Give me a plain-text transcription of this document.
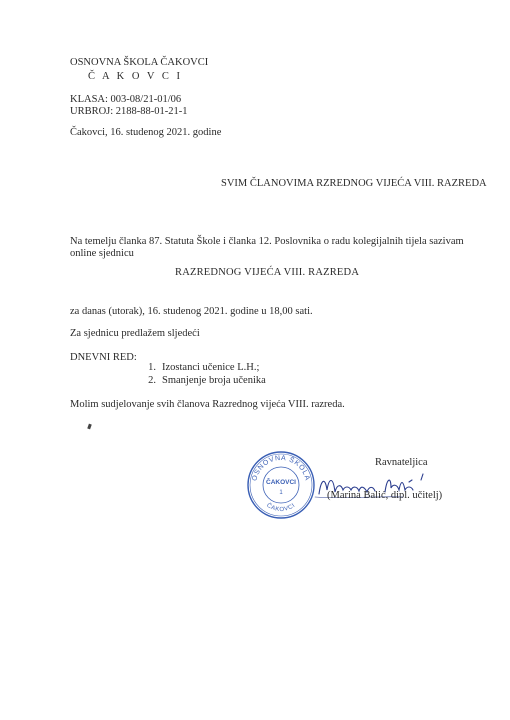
OSNOVNA ŠKOLA ČAKOVCI
Č A K O V C I
KLASA: 003-08/21-01/06
URBROJ: 2188-88-01-21-1

Čakovci, 16. studenog 2021. godine

SVIM ČLANOVIMA RZREDNOG VIJEĆA VIII. RAZREDA

Na temelju članka 87. Statuta Škole i članka 12. Poslovnika o radu kolegijalnih tijela sazivam online sjednicu

RAZREDNOG VIJEĆA VIII. RAZREDA

za danas (utorak), 16. studenog 2021. godine u 18,00 sati.

Za sjednicu predlažem sljedeći

DNEVNI RED:

1. Izostanci učenice L.H.;
2. Smanjenje broja učenika

Molim sudjelovanje svih članova Razrednog vijeća VIII. razreda.

Ravnateljica

OSNOVNA ŠKOLA
ČAKOVCI
ČAKOVCI
1	(Marina Balić, dipl. učitelj)
